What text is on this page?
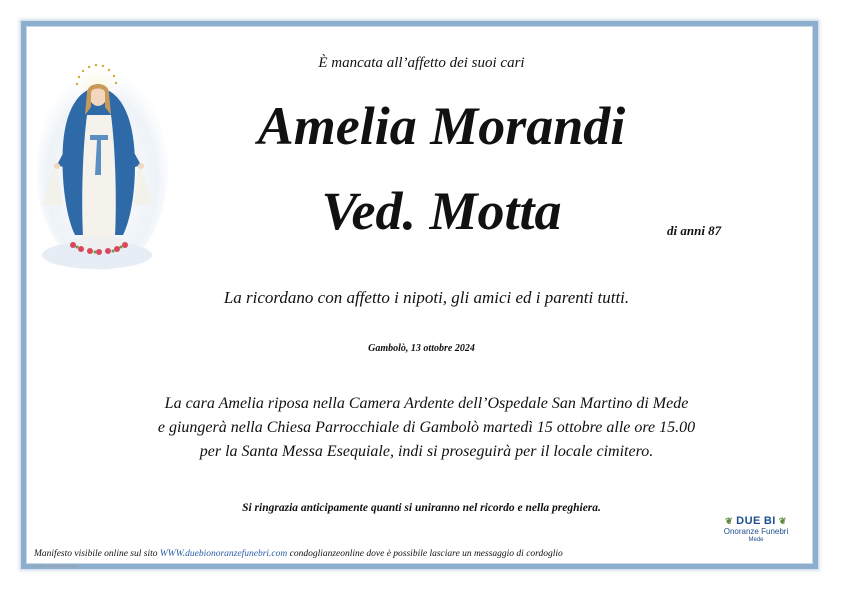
È mancata all’affetto dei suoi cari
Amelia Morandi
Ved. Motta	di anni 87
La ricordano con affetto i nipoti, gli amici ed i parenti tutti.
Gambolò, 13 ottobre 2024
La cara Amelia riposa nella Camera Ardente dell’Ospedale San Martino di Mede
e giungerà nella Chiesa Parrocchiale di Gambolò martedì 15 ottobre alle ore 15.00
per la Santa Messa Esequiale, indi si proseguirà per il locale cimitero.
Si ringrazia anticipamente quanti si uniranno nel ricordo e nella preghiera.
Manifesto visibile online sul sito WWW.duebionoranzefunebri.com condoglianzeonline dove è possibile lasciare un messaggio di cordoglio
Grafica e stampa in proprio
❦ DUE BI ❦
Onoranze Funebri
Mede
